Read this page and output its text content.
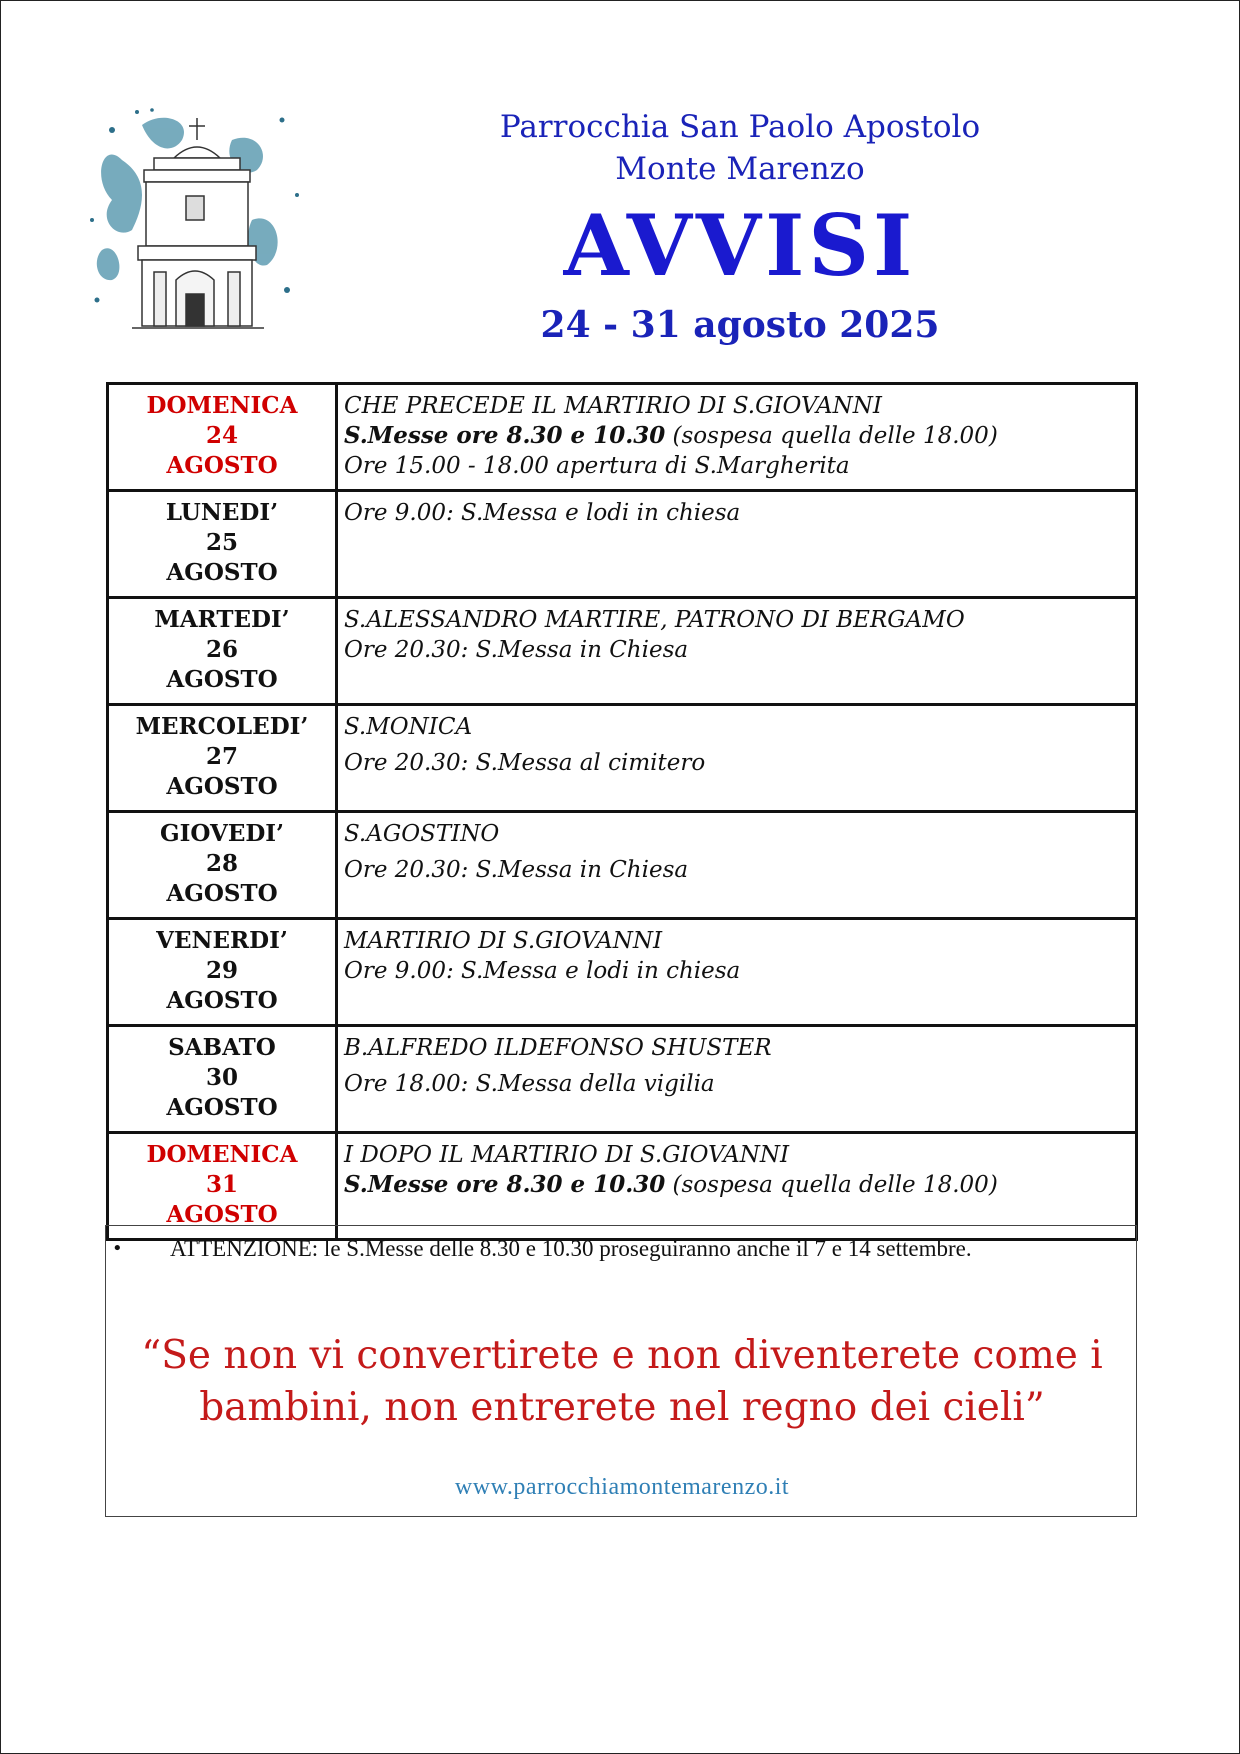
Parrocchia San Paolo Apostolo
Monte Marenzo
AVVISI
24 - 31 agosto 2025
DOMENICA
24
AGOSTO	CHE PRECEDE IL MARTIRIO DI S.GIOVANNI
S.Messe ore 8.30 e 10.30 (sospesa quella delle 18.00)
Ore 15.00 - 18.00 apertura di S.Margherita

LUNEDI’
25
AGOSTO	Ore 9.00: S.Messa e lodi in chiesa

MARTEDI’
26
AGOSTO	S.ALESSANDRO MARTIRE, PATRONO DI BERGAMO
Ore 20.30: S.Messa in Chiesa

MERCOLEDI’
27
AGOSTO	S.MONICA
Ore 20.30: S.Messa al cimitero

GIOVEDI’
28
AGOSTO	S.AGOSTINO
Ore 20.30: S.Messa in Chiesa

VENERDI’
29
AGOSTO	MARTIRIO DI S.GIOVANNI
Ore 9.00: S.Messa e lodi in chiesa

SABATO
30
AGOSTO	B.ALFREDO ILDEFONSO SHUSTER
Ore 18.00: S.Messa della vigilia

DOMENICA
31
AGOSTO	I DOPO IL MARTIRIO DI S.GIOVANNI
S.Messe ore 8.30 e 10.30 (sospesa quella delle 18.00)
• ATTENZIONE: le S.Messe delle 8.30 e 10.30 proseguiranno anche il 7 e 14 settembre.
“Se non vi convertirete e non diventerete come i
bambini, non entrerete nel regno dei cieli”
www.parrocchiamontemarenzo.it
